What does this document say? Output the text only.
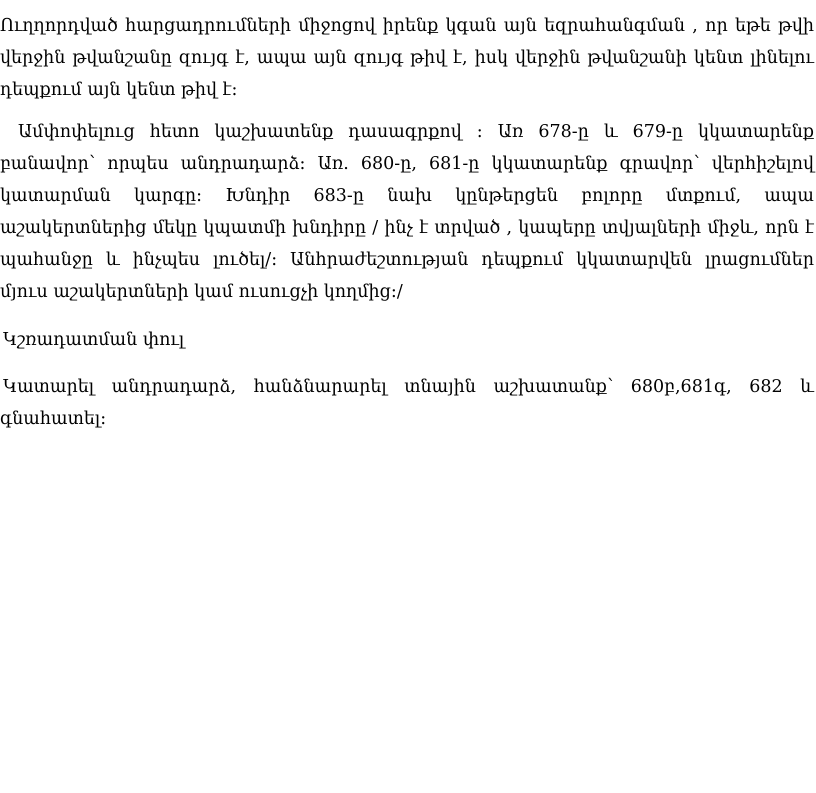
Ուղղորդված հարցադրումների միջոցով իրենք կգան այն եզրահանգման , որ եթե թվի վերջին թվանշանը զույգ է, ապա այն զույգ թիվ է, իսկ վերջին թվանշանի կենտ լինելու դեպքում այն կենտ թիվ է։

Ամփոփելուց հետո կաշխատենք դասագրքով ։ Առ 678-ը և 679-ը կկատարենք բանավոր՝ որպես անդրադարձ։ Առ. 680-ը, 681-ը կկատարենք գրավոր՝ վերհիշելով կատարման կարգը։ Խնդիր 683-ը նախ կընթերցեն բոլորը մտքում, ապա աշակերտներից մեկը կպատմի խնդիրը / ինչ է տրված , կապերը տվյալների միջև, որն է պահանջը և ինչպես լուծել/։ Անհրաժեշտության դեպքում կկատարվեն լրացումներ մյուս աշակերտների կամ ուսուցչի կողմից։/

Կշռադատման փուլ

Կատարել անդրադարձ, հանձնարարել տնային աշխատանք՝ 680բ,681գ, 682 և գնահատել։
